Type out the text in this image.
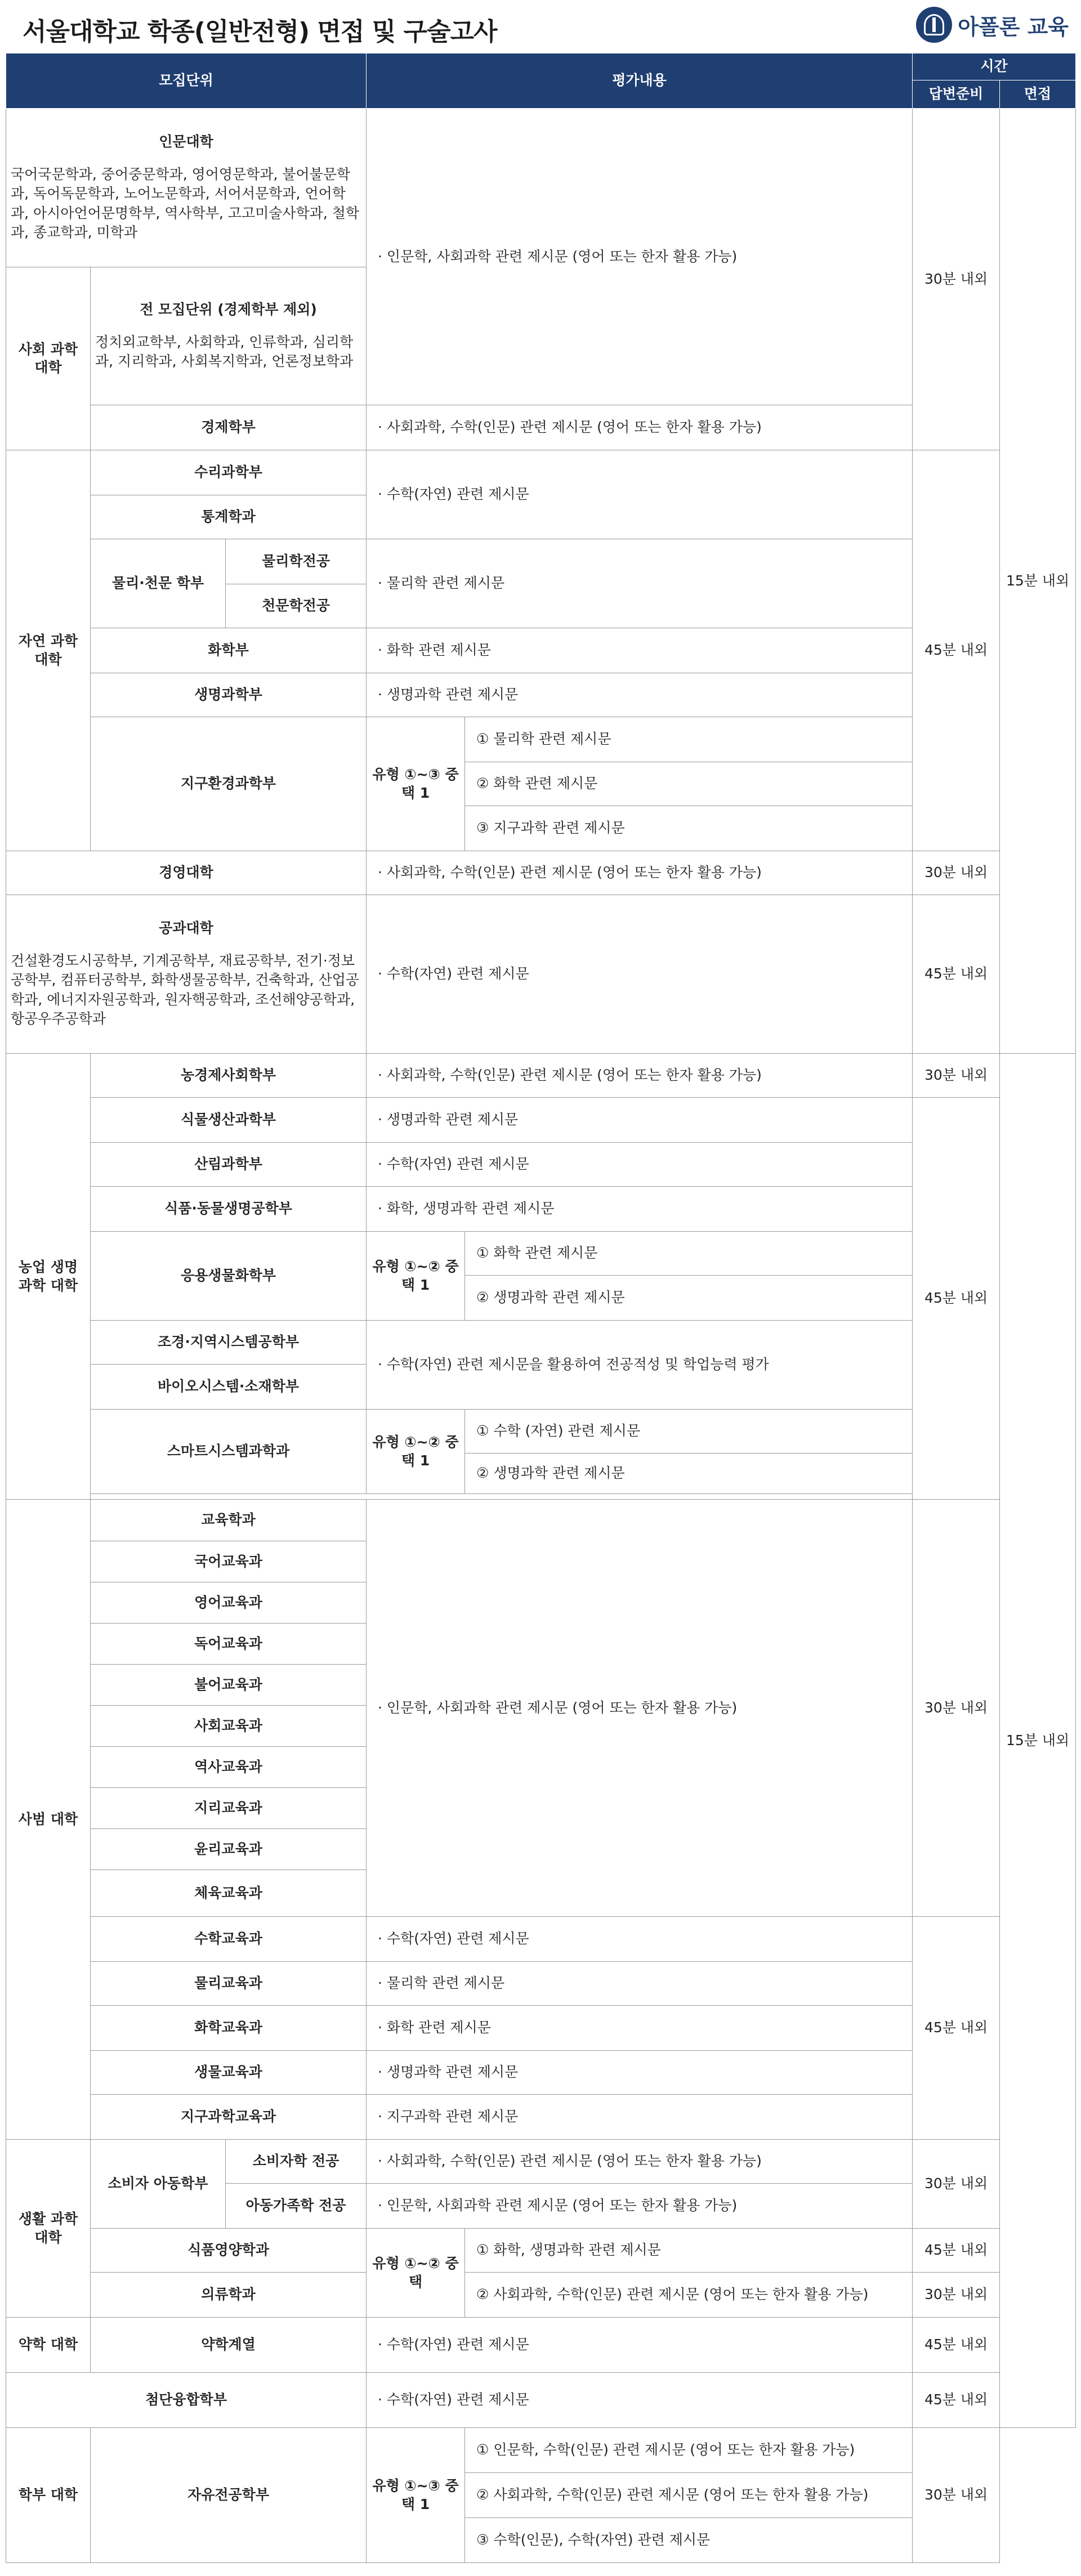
서울대학교 학종(일반전형) 면접 및 구술고사	아폴론 교육
모집단위			평가내용		시간	
					답변준비	면접

인문대학
국어국문학과, 중어중문학과, 영어영문학과, 불어불문학과, 독어독문학과, 노어노문학과, 서어서문학과, 언어학과, 아시아언어문명학부, 역사학부, 고고미술사학과, 철학과, 종교학과, 미학과			· 인문학, 사회과학 관련 제시문 (영어 또는 한자 활용 가능)		30분 내외	15분 내외
사회 과학 대학	전 모집단위 (경제학부 제외)
정치외교학부, 사회학과, 인류학과, 심리학과, 지리학과, 사회복지학과, 언론정보학과					

	경제학부		· 사회과학, 수학(인문) 관련 제시문 (영어 또는 한자 활용 가능)			
자연 과학 대학	수리과학부		· 수학(자연) 관련 제시문		45분 내외	
	통계학과					
	물리·천문 학부	물리학전공	· 물리학 관련 제시문			
		천문학전공				
	화학부		· 화학 관련 제시문			
	생명과학부		· 생명과학 관련 제시문			
	지구환경과학부		유형 ①~③ 중 택 1	① 물리학 관련 제시문		
				② 화학 관련 제시문		
				③ 지구과학 관련 제시문		
경영대학			· 사회과학, 수학(인문) 관련 제시문 (영어 또는 한자 활용 가능)		30분 내외	

공과대학
건설환경도시공학부, 기계공학부, 재료공학부, 전기·정보공학부, 컴퓨터공학부, 화학생물공학부, 건축학과, 산업공학과, 에너지자원공학과, 원자핵공학과, 조선해양공학과, 항공우주공학과			· 수학(자연) 관련 제시문		45분 내외	
농업 생명 과학 대학	농경제사회학부		· 사회과학, 수학(인문) 관련 제시문 (영어 또는 한자 활용 가능)		30분 내외	15분 내외
	식물생산과학부		· 생명과학 관련 제시문		45분 내외	
	산림과학부		· 수학(자연) 관련 제시문			
	식품·동물생명공학부		· 화학, 생명과학 관련 제시문			
	응용생물화학부		유형 ①~② 중 택 1	① 화학 관련 제시문		
				② 생명과학 관련 제시문		
	조경·지역시스템공학부		· 수학(자연) 관련 제시문을 활용하여 전공적성 및 학업능력 평가			
	바이오시스템·소재학부					
	스마트시스템과학과		유형 ①~② 중 택 1	① 수학 (자연) 관련 제시문		
				② 생명과학 관련 제시문		

사범 대학	교육학과		· 인문학, 사회과학 관련 제시문 (영어 또는 한자 활용 가능)		30분 내외	
	국어교육과					
	영어교육과					
	독어교육과					
	불어교육과					
	사회교육과					
	역사교육과					
	지리교육과					
	윤리교육과					
	체육교육과					
	수학교육과		· 수학(자연) 관련 제시문		45분 내외	
	물리교육과		· 물리학 관련 제시문			
	화학교육과		· 화학 관련 제시문			
	생물교육과		· 생명과학 관련 제시문			
	지구과학교육과		· 지구과학 관련 제시문			
생활 과학 대학	소비자 아동학부	소비자학 전공	· 사회과학, 수학(인문) 관련 제시문 (영어 또는 한자 활용 가능)		30분 내외	
		아동가족학 전공	· 인문학, 사회과학 관련 제시문 (영어 또는 한자 활용 가능)			
	식품영양학과		유형 ①~② 중 택	① 화학, 생명과학 관련 제시문	45분 내외	
	의류학과			② 사회과학, 수학(인문) 관련 제시문 (영어 또는 한자 활용 가능)	30분 내외	
약학 대학	약학계열		· 수학(자연) 관련 제시문		45분 내외	
첨단융합학부			· 수학(자연) 관련 제시문		45분 내외	
학부 대학	자유전공학부		유형 ①~③ 중 택 1	① 인문학, 수학(인문) 관련 제시문 (영어 또는 한자 활용 가능)	30분 내외	
				② 사회과학, 수학(인문) 관련 제시문 (영어 또는 한자 활용 가능)		
				③ 수학(인문), 수학(자연) 관련 제시문		
